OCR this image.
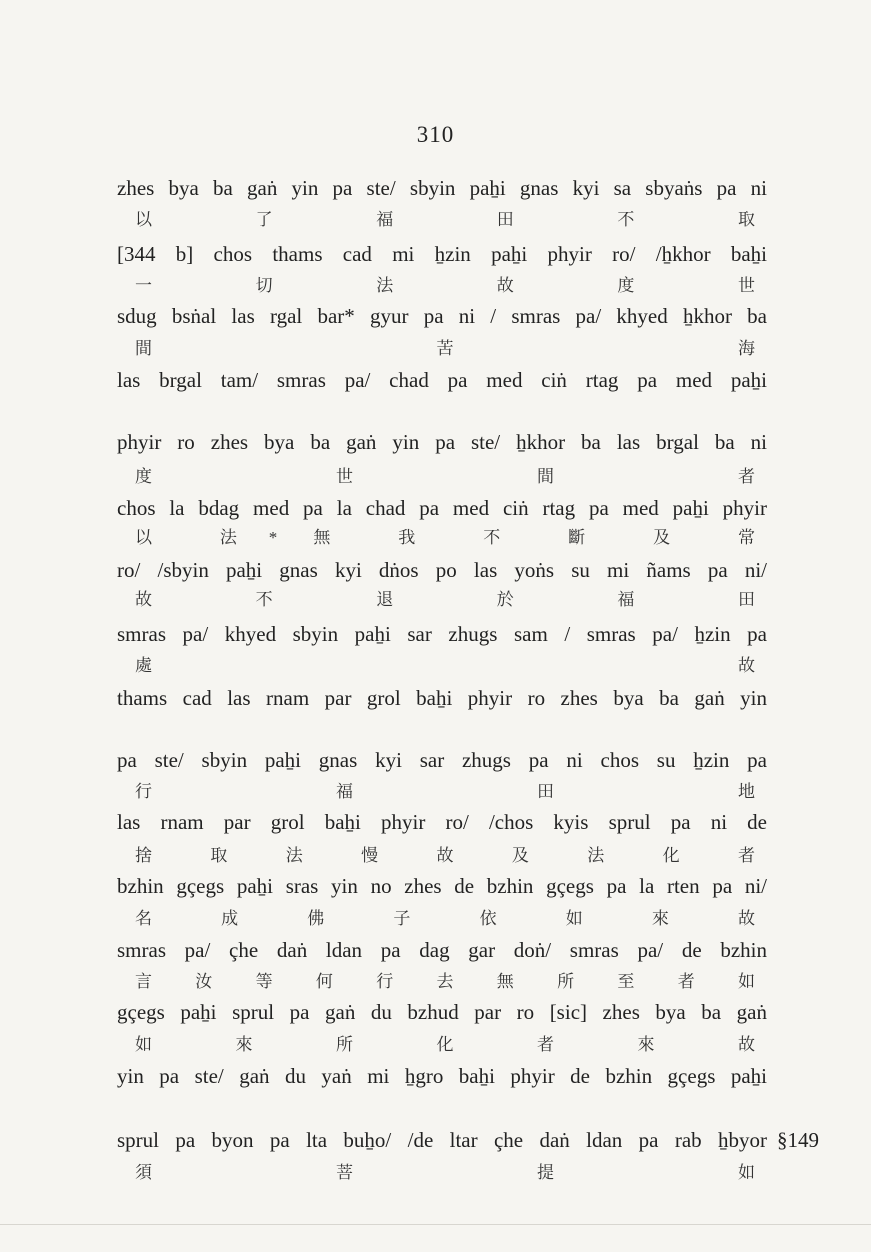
310
zhes bya ba gaṅ yin pa ste/ sbyin paẖi gnas kyi sa sbyaṅs pa ni
以 了 福 田 不 取
[344 b] chos thams cad mi ẖzin paẖi phyir ro/ /ẖkhor baẖi
一 切 法 故 度 世
sdug bsṅal las rgal bar* gyur pa ni / smras pa/ khyed ẖkhor ba
間 苦 海
las brgal tam/ smras pa/ chad pa med ciṅ rtag pa med paẖi
phyir ro zhes bya ba gaṅ yin pa ste/ ẖkhor ba las brgal ba ni
度 世 間 者
chos la bdag med pa la chad pa med ciṅ rtag pa med paẖi phyir
以 法* 無 我 不 斷 及 常
ro/ /sbyin paẖi gnas kyi dṅos po las yoṅs su mi ñams pa ni/
故 不 退 於 福 田
smras pa/ khyed sbyin paẖi sar zhugs sam / smras pa/ ẖzin pa
處 故
thams cad las rnam par grol baẖi phyir ro zhes bya ba gaṅ yin
pa ste/ sbyin paẖi gnas kyi sar zhugs pa ni chos su ẖzin pa
行 福 田 地
las rnam par grol baẖi phyir ro/ /chos kyis sprul pa ni de
捨 取 法 慢 故 及 法 化 者
bzhin gçegs paẖi sras yin no zhes de bzhin gçegs pa la rten pa ni/
名 成 佛 子 依 如 來 故
smras pa/ çhe daṅ ldan pa dag gar doṅ/ smras pa/ de bzhin
言 汝 等 何 行 去 無 所 至 者 如
gçegs paẖi sprul pa gaṅ du bzhud par ro [sic] zhes bya ba gaṅ
如 來 所 化 者 來 故
yin pa ste/ gaṅ du yaṅ mi ẖgro baẖi phyir de bzhin gçegs paẖi
sprul pa byon pa lta buẖo/ /de ltar çhe daṅ ldan pa rab ẖbyor §149
須 菩 提 如
